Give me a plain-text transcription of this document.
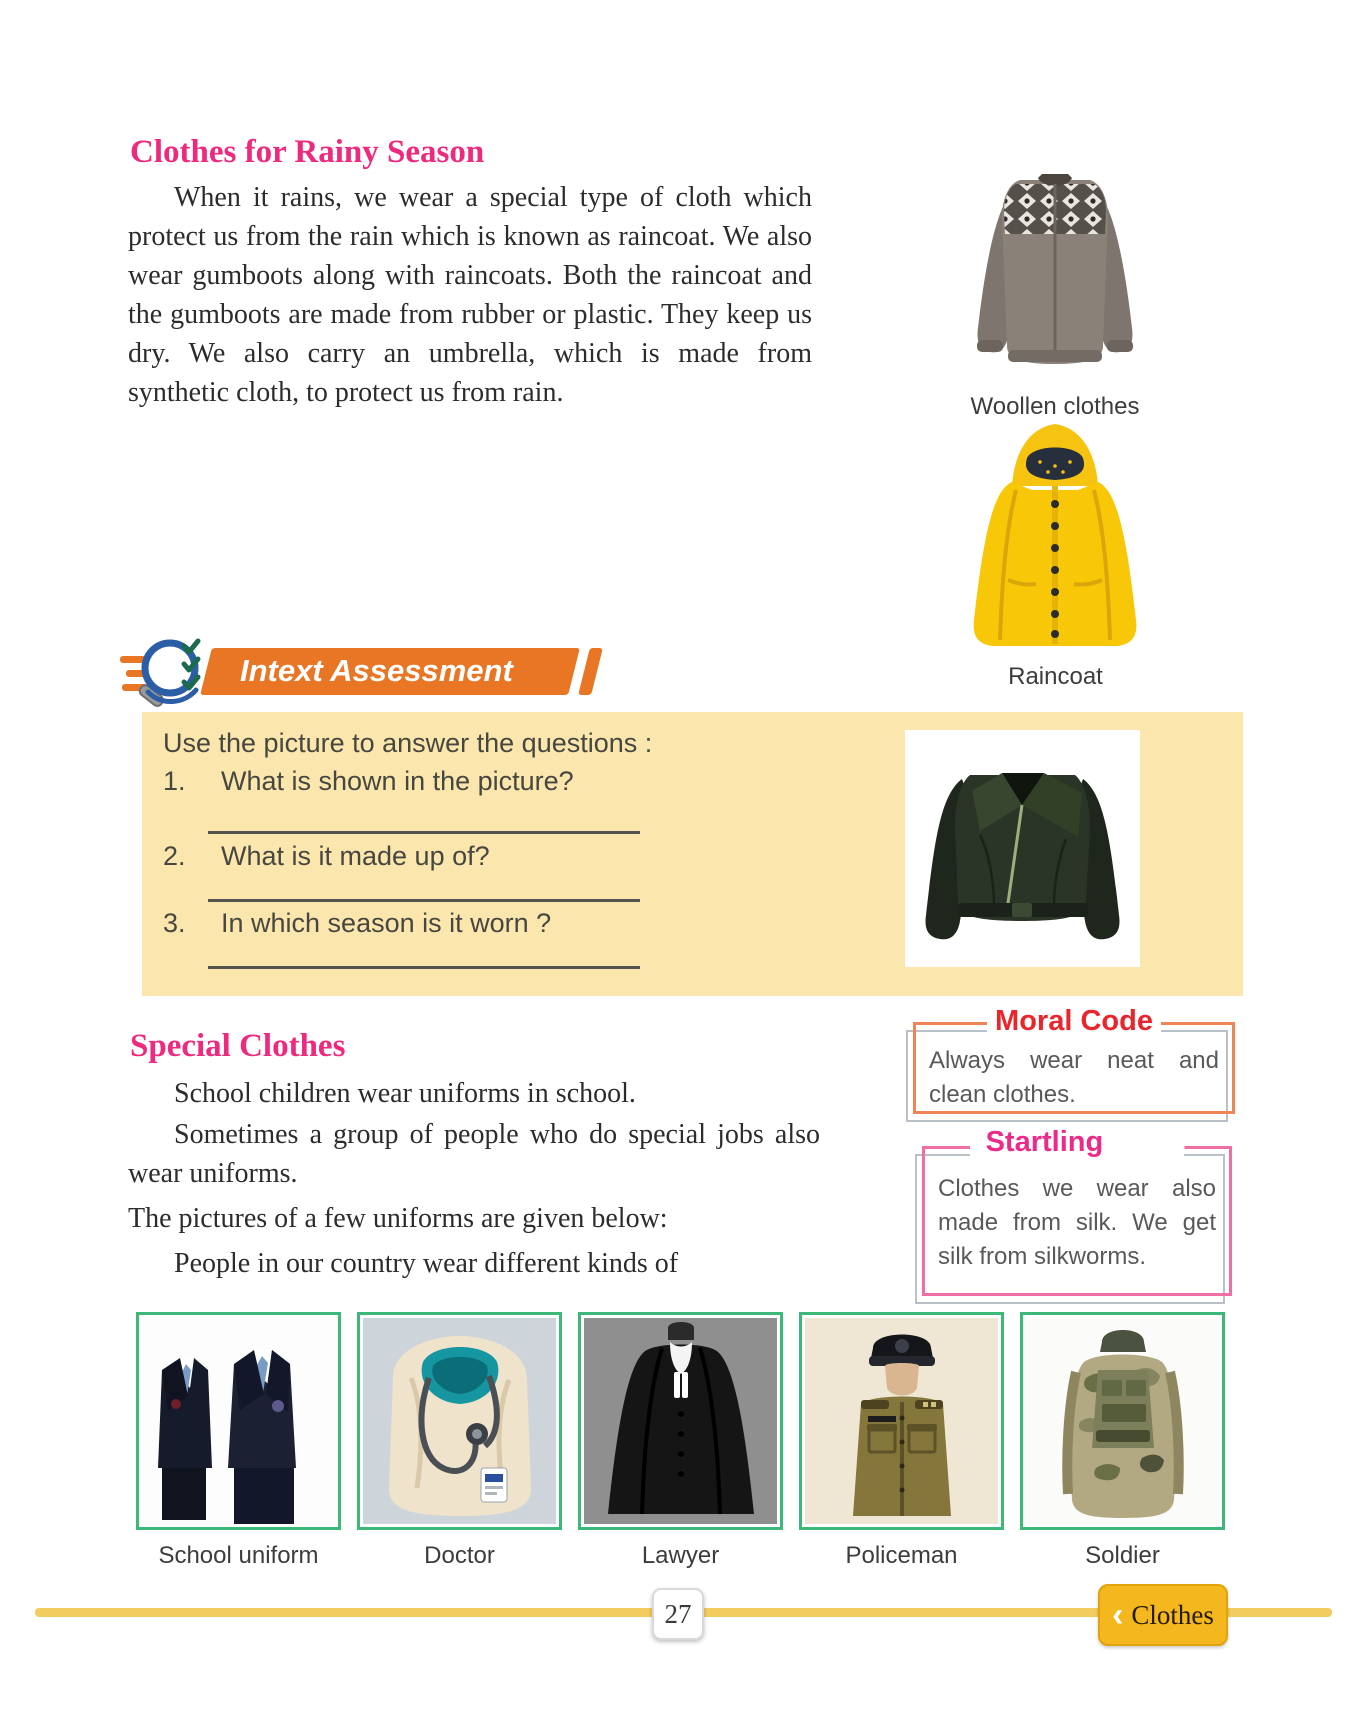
Clothes for Rainy Season

When it rains, we wear a special type of cloth which protect us from the rain which is known as raincoat. We also wear gumboots along with raincoats. Both the raincoat and the gumboots are made from rubber or plastic. They keep us dry. We also carry an umbrella, which is made from synthetic cloth, to protect us from rain.	Woollen clothes
Raincoat
Intext Assessment
Use the picture to answer the questions :
1.	What is shown in the picture?
2.	What is it made up of?
3.	In which season is it worn ?
Special Clothes

School children wear uniforms in school.

Sometimes a group of people who do special jobs also wear uniforms.

The pictures of a few uniforms are given below:

People in our country wear different kinds of

Moral Code
Always wear neat and clean clothes.
Startling fact!
Clothes we wear also made from silk. We get silk from silkworms.
School uniform	Doctor	Lawyer	Policeman	Soldier
27	‹ Clothes
